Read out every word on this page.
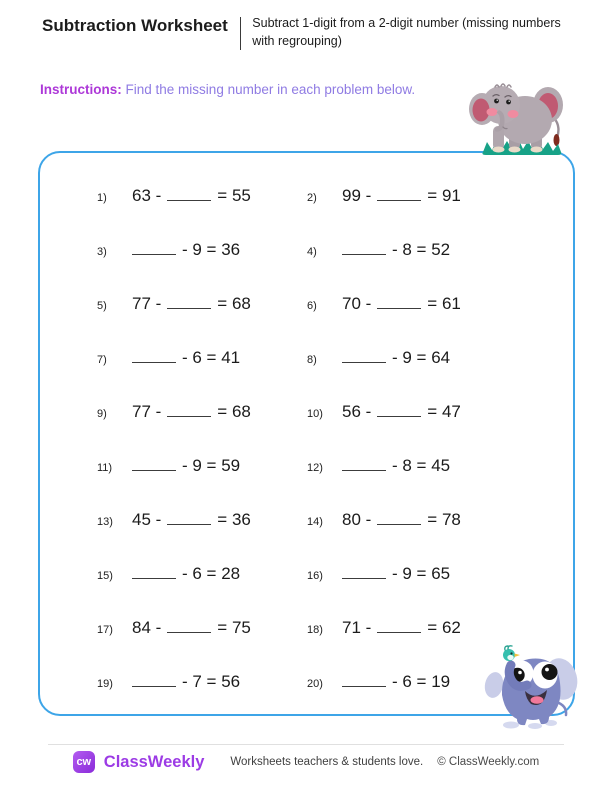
Subtraction Worksheet Subtract 1-digit from a 2-digit number (missing numbers with regrouping)
Instructions: Find the missing number in each problem below.
1)	63 -	= 55	2)	99 -	= 91
3)	- 9 = 36	4)	- 8 = 52
5)	77 -	= 68	6)	70 -	= 61
7)	- 6 = 41	8)	- 9 = 64
9)	77 -	= 68	10)	56 -	= 47
11)	- 9 = 59	12)	- 8 = 45
13)	45 -	= 36	14)	80 -	= 78
15)	- 6 = 28	16)	- 9 = 65
17)	84 -	= 75	18)	71 -	= 62
19)	- 7 = 56	20)	- 6 = 19
cw ClassWeekly Worksheets teachers & students love. © ClassWeekly.com
